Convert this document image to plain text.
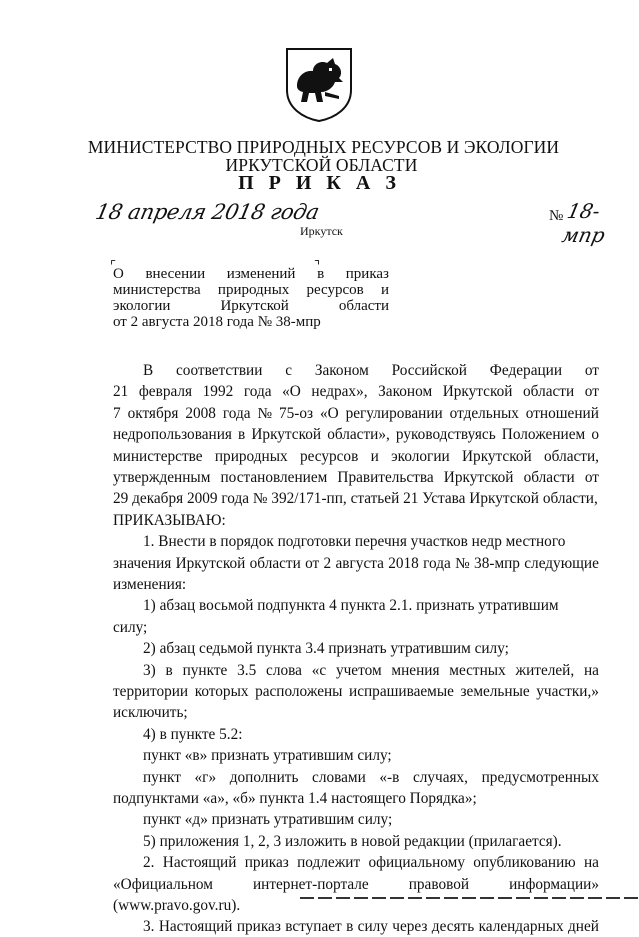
МИНИСТЕРСТВО ПРИРОДНЫХ РЕСУРСОВ И ЭКОЛОГИИ
ИРКУТСКОЙ ОБЛАСТИ
П Р И К А З
18 апреля 2018 года	№ 18-мпр
Иркутск
⌜	⌝
О внесении изменений в приказ
министерства природных ресурсов и
экологии	Иркутской	области
от 2 августа 2018 года № 38-мпр
В соответствии с Законом Российской Федерации от
21 февраля 1992 года «О недрах», Законом Иркутской области от
7 октября 2008 года № 75-оз «О регулировании отдельных отношений
недропользования в Иркутской области», руководствуясь Положением о
министерстве природных ресурсов и экологии Иркутской области,
утвержденным постановлением Правительства Иркутской области от
29 декабря 2009 года № 392/171-пп, статьей 21 Устава Иркутской области,
ПРИКАЗЫВАЮ:
1. Внести в порядок подготовки перечня участков недр местного
значения Иркутской области от 2 августа 2018 года № 38-мпр следующие
изменения:
1) абзац восьмой подпункта 4 пункта 2.1. признать утратившим
силу;
2) абзац седьмой пункта 3.4 признать утратившим силу;
3) в пункте 3.5 слова «с учетом мнения местных жителей, на
территории которых расположены испрашиваемые земельные участки,»
исключить;
4) в пункте 5.2:
пункт «в» признать утратившим силу;
пункт «г» дополнить словами «-в случаях, предусмотренных
подпунктами «а», «б» пункта 1.4 настоящего Порядка»;
пункт «д» признать утратившим силу;
5) приложения 1, 2, 3 изложить в новой редакции (прилагается).
2. Настоящий приказ подлежит официальному опубликованию на
«Официальном	интернет-портале	правовой	информации»
(www.pravo.gov.ru).
3. Настоящий приказ вступает в силу через десять календарных дней
